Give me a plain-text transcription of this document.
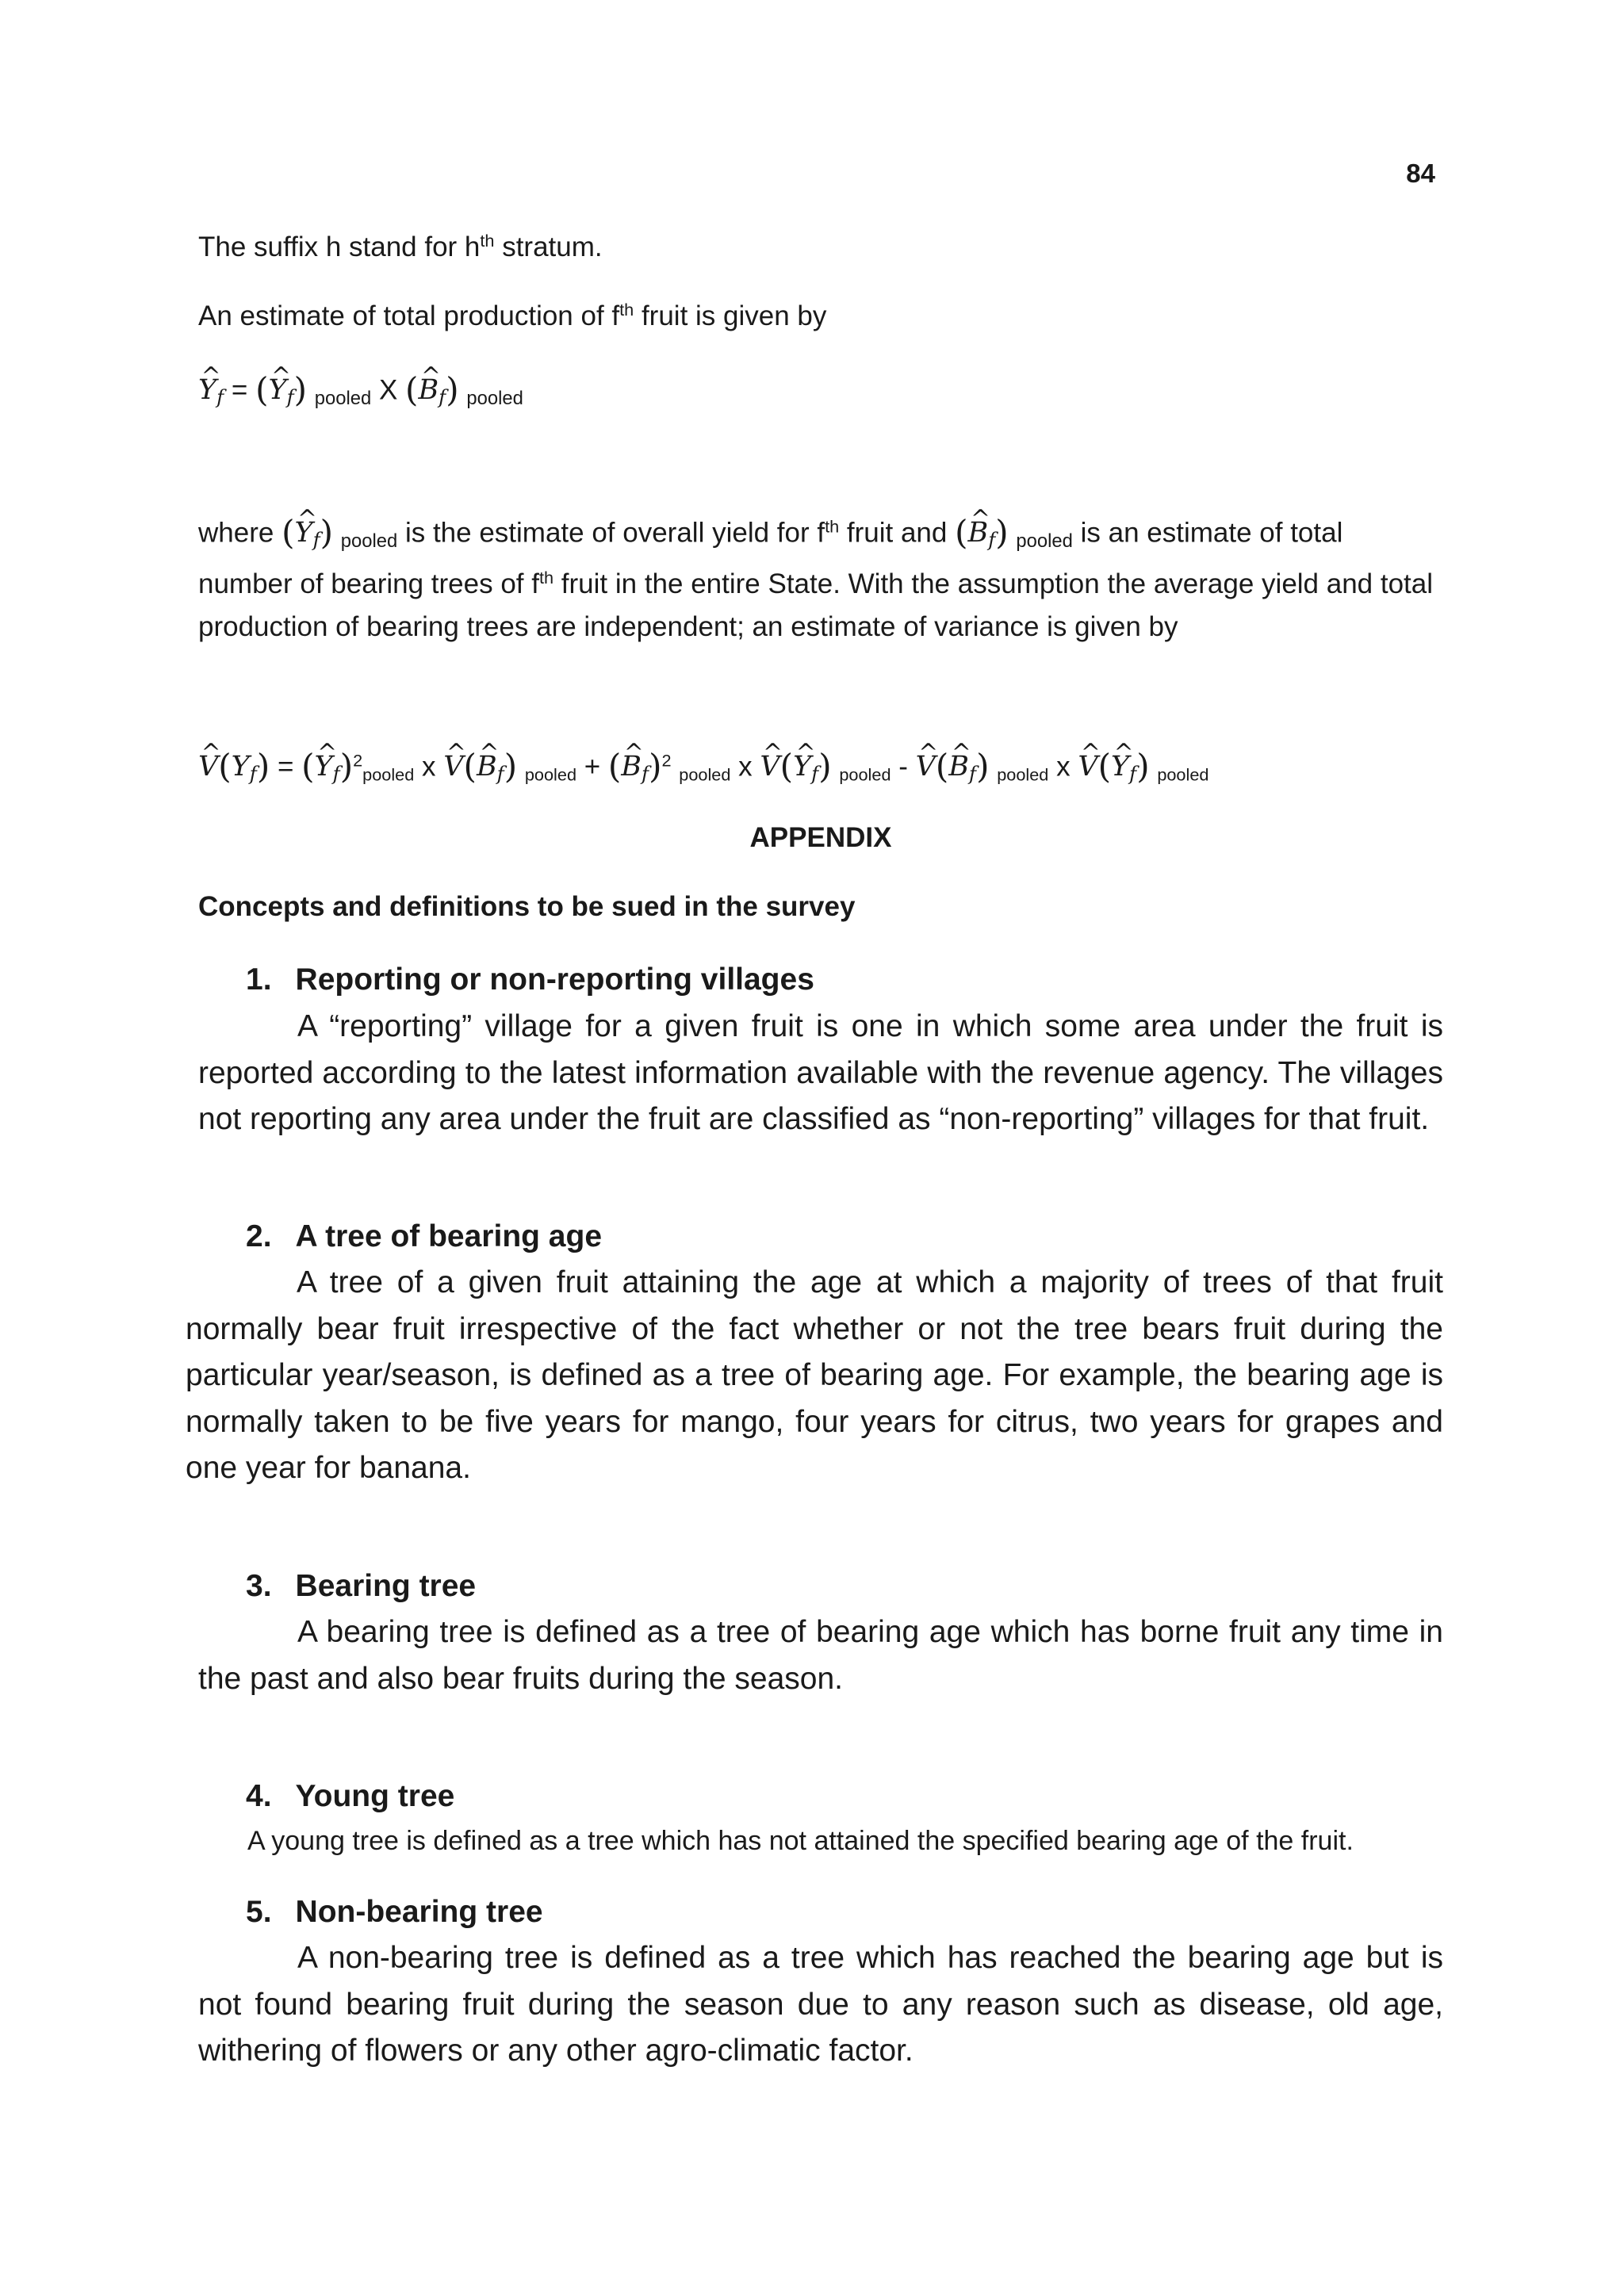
84

The suffix h stand for $h^{th}$ stratum.

An estimate of total production of $f^{th}$ fruit is given by

Y ^f = (Y ^f) $_{pooled}$ X (B ^f) $_{pooled}$

where (Y ^f) $_{pooled}$ is the estimate of overall yield for $f^{th}$ fruit and (B ^f) $_{pooled}$ is an estimate of total number of bearing trees of $f^{th}$ fruit in the entire State. With the assumption the average yield and total production of bearing trees are independent; an estimate of variance is given by

V ^(Yf) = (Y ^f)$^2$pooled x V ^(B ^f) pooled + (B ^f)$^2$ pooled x V ^(Y ^f) pooled - V ^(B ^f) pooled x V ^(Y ^f) pooled
APPENDIX
Concepts and definitions to be sued in the survey
1. Reporting or non-reporting villages

A “reporting” village for a given fruit is one in which some area under the fruit is reported according to the latest information available with the revenue agency. The villages not reporting any area under the fruit are classified as “non-reporting” villages for that fruit.

2. A tree of bearing age

A tree of a given fruit attaining the age at which a majority of trees of that fruit normally bear fruit irrespective of the fact whether or not the tree bears fruit during the particular year/season, is defined as a tree of bearing age. For example, the bearing age is normally taken to be five years for mango, four years for citrus, two years for grapes and one year for banana.

3. Bearing tree

A bearing tree is defined as a tree of bearing age which has borne fruit any time in the past and also bear fruits during the season.

4. Young tree

A young tree is defined as a tree which has not attained the specified bearing age of the fruit.

5. Non-bearing tree

A non-bearing tree is defined as a tree which has reached the bearing age but is not found bearing fruit during the season due to any reason such as disease, old age, withering of flowers or any other agro-climatic factor.
